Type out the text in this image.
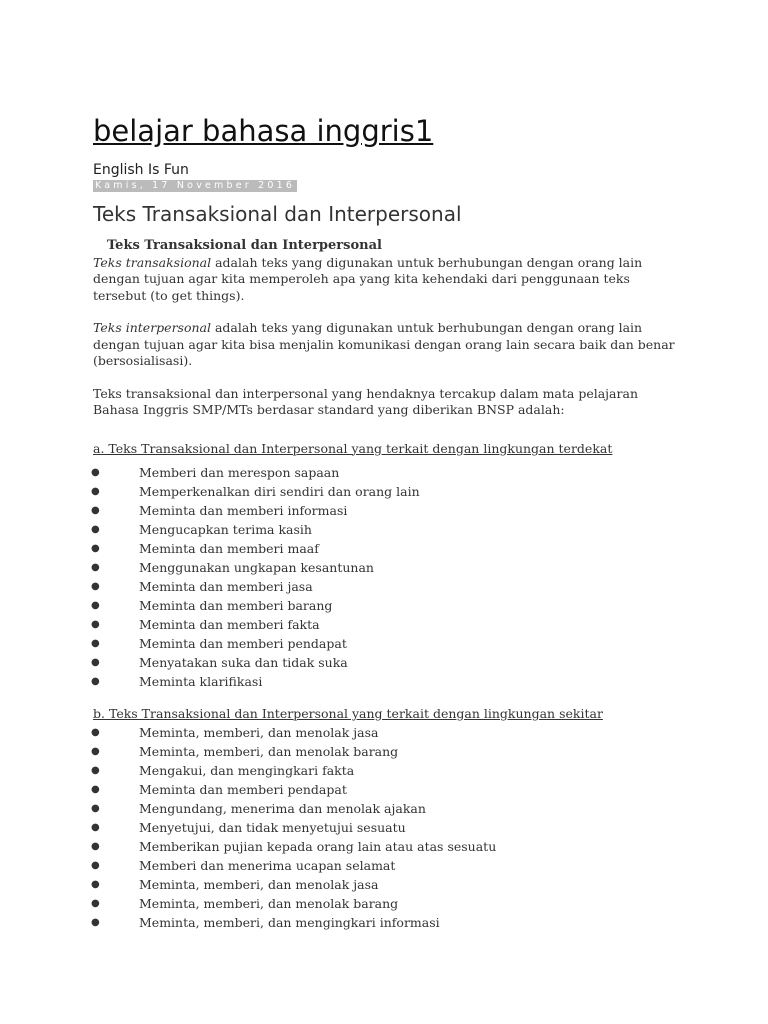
belajar bahasa inggris1
English Is Fun
Kamis, 17 November 2016
Teks Transaksional dan Interpersonal
Teks Transaksional dan Interpersonal

Teks transaksional adalah teks yang digunakan untuk berhubungan dengan orang lain dengan tujuan agar kita memperoleh apa yang kita kehendaki dari penggunaan teks tersebut (to get things).

Teks interpersonal adalah teks yang digunakan untuk berhubungan dengan orang lain dengan tujuan agar kita bisa menjalin komunikasi dengan orang lain secara baik dan benar (bersosialisasi).

Teks transaksional dan interpersonal yang hendaknya tercakup dalam mata pelajaran Bahasa Inggris SMP/MTs berdasar standard yang diberikan BNSP adalah:

a. Teks Transaksional dan Interpersonal yang terkait dengan lingkungan terdekat

●	Memberi dan merespon sapaan
●	Memperkenalkan diri sendiri dan orang lain
●	Meminta dan memberi informasi
●	Mengucapkan terima kasih
●	Meminta dan memberi maaf
●	Menggunakan ungkapan kesantunan
●	Meminta dan memberi jasa
●	Meminta dan memberi barang
●	Meminta dan memberi fakta
●	Meminta dan memberi pendapat
●	Menyatakan suka dan tidak suka
●	Meminta klarifikasi

b. Teks Transaksional dan Interpersonal yang terkait dengan lingkungan sekitar

●	Meminta, memberi, dan menolak jasa
●	Meminta, memberi, dan menolak barang
●	Mengakui, dan mengingkari fakta
●	Meminta dan memberi pendapat
●	Mengundang, menerima dan menolak ajakan
●	Menyetujui, dan tidak menyetujui sesuatu
●	Memberikan pujian kepada orang lain atau atas sesuatu
●	Memberi dan menerima ucapan selamat
●	Meminta, memberi, dan menolak jasa
●	Meminta, memberi, dan menolak barang
●	Meminta, memberi, dan mengingkari informasi
